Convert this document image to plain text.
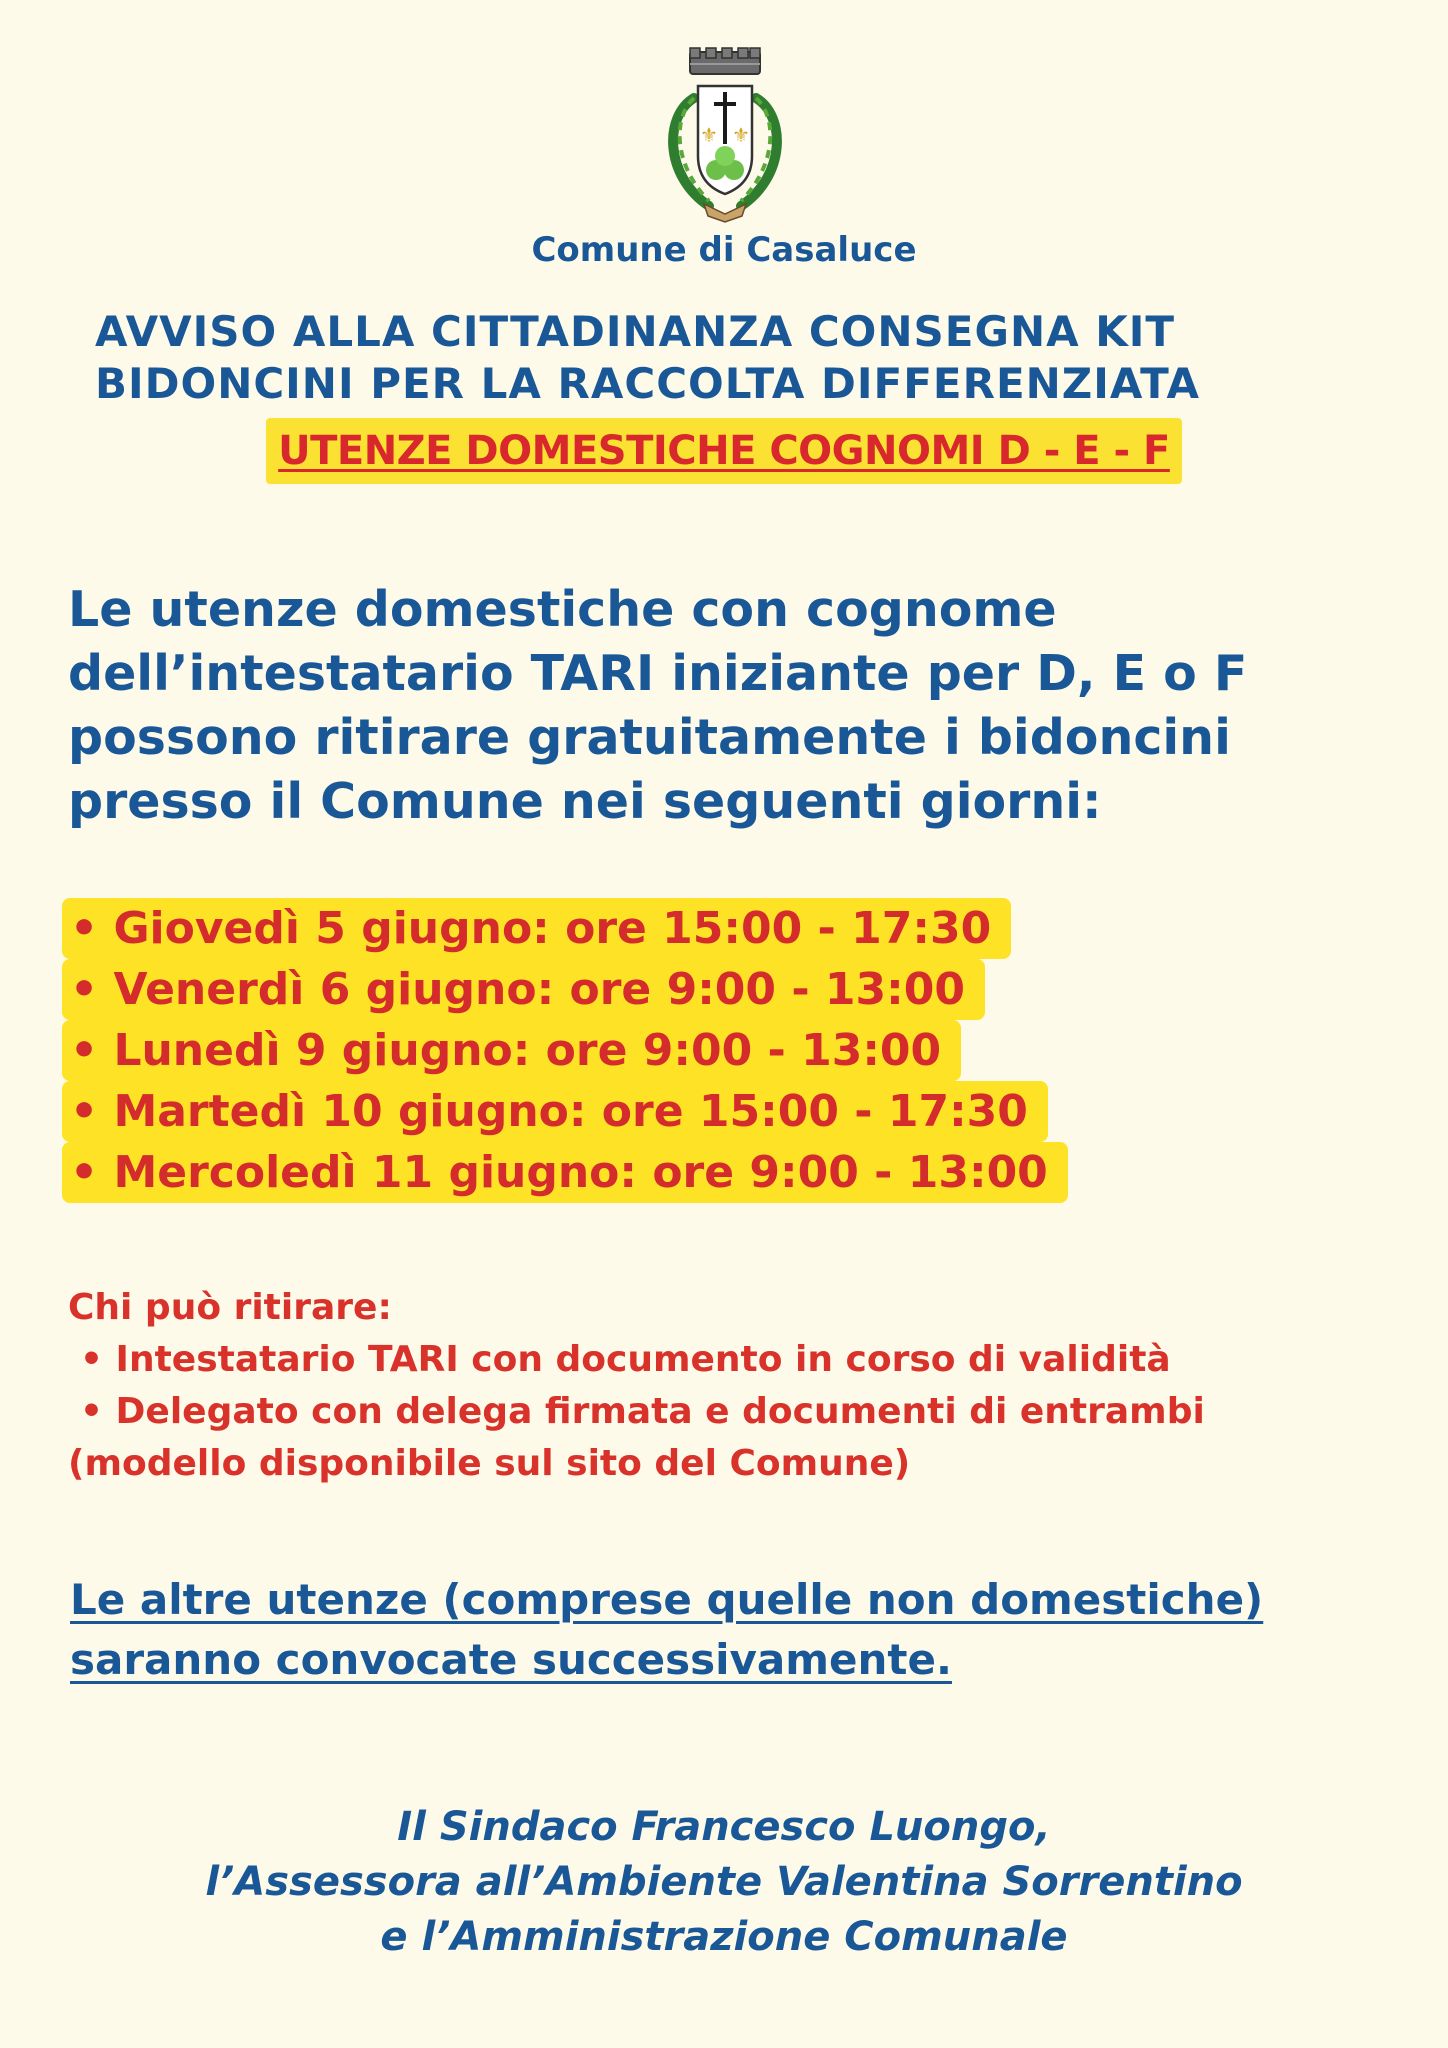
⚜ ⚜
Comune di Casaluce
AVVISO ALLA CITTADINANZA CONSEGNA KIT
BIDONCINI PER LA RACCOLTA DIFFERENZIATA
UTENZE DOMESTICHE COGNOMI D - E - F
Le utenze domestiche con cognome
dell’intestatario TARI iniziante per D, E o F
possono ritirare gratuitamente i bidoncini
presso il Comune nei seguenti giorni:
• Giovedì 5 giugno: ore 15:00 - 17:30
• Venerdì 6 giugno: ore 9:00 - 13:00
• Lunedì 9 giugno: ore 9:00 - 13:00
• Martedì 10 giugno: ore 15:00 - 17:30
• Mercoledì 11 giugno: ore 9:00 - 13:00
Chi può ritirare:
• Intestatario TARI con documento in corso di validità
• Delegato con delega firmata e documenti di entrambi
(modello disponibile sul sito del Comune)
Le altre utenze (comprese quelle non domestiche)
saranno convocate successivamente.
Il Sindaco Francesco Luongo,
l’Assessora all’Ambiente Valentina Sorrentino
e l’Amministrazione Comunale
